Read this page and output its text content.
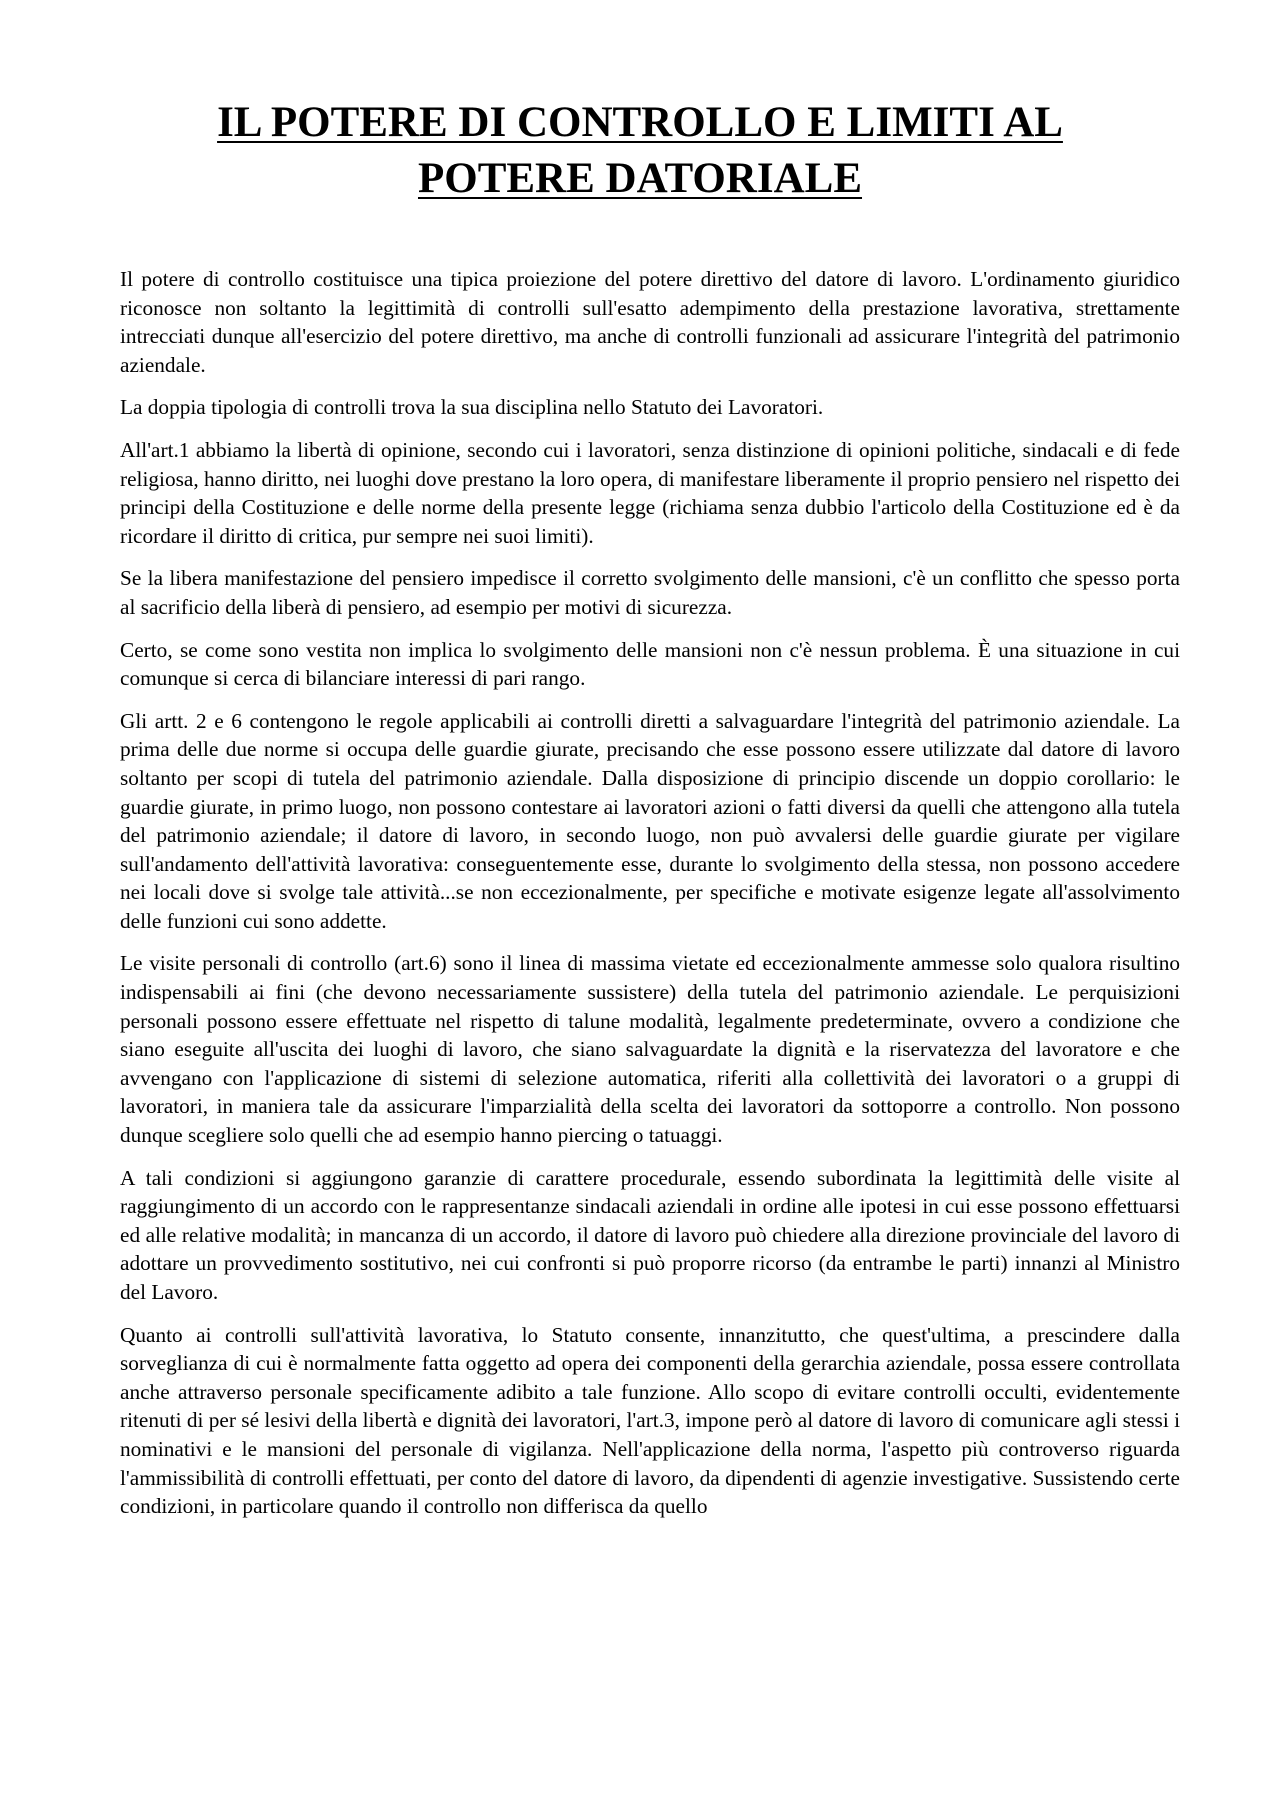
IL POTERE DI CONTROLLO E LIMITI AL
POTERE DATORIALE

Il potere di controllo costituisce una tipica proiezione del potere direttivo del datore di lavoro. L'ordinamento giuridico riconosce non soltanto la legittimità di controlli sull'esatto adempimento della prestazione lavorativa, strettamente intrecciati dunque all'esercizio del potere direttivo, ma anche di controlli funzionali ad assicurare l'integrità del patrimonio aziendale.

La doppia tipologia di controlli trova la sua disciplina nello Statuto dei Lavoratori.

All'art.1 abbiamo la libertà di opinione, secondo cui i lavoratori, senza distinzione di opinioni politiche, sindacali e di fede religiosa, hanno diritto, nei luoghi dove prestano la loro opera, di manifestare liberamente il proprio pensiero nel rispetto dei principi della Costituzione e delle norme della presente legge (richiama senza dubbio l'articolo della Costituzione ed è da ricordare il diritto di critica, pur sempre nei suoi limiti).

Se la libera manifestazione del pensiero impedisce il corretto svolgimento delle mansioni, c'è un conflitto che spesso porta al sacrificio della liberà di pensiero, ad esempio per motivi di sicurezza.

Certo, se come sono vestita non implica lo svolgimento delle mansioni non c'è nessun problema. È una situazione in cui comunque si cerca di bilanciare interessi di pari rango.

Gli artt. 2 e 6 contengono le regole applicabili ai controlli diretti a salvaguardare l'integrità del patrimonio aziendale. La prima delle due norme si occupa delle guardie giurate, precisando che esse possono essere utilizzate dal datore di lavoro soltanto per scopi di tutela del patrimonio aziendale. Dalla disposizione di principio discende un doppio corollario: le guardie giurate, in primo luogo, non possono contestare ai lavoratori azioni o fatti diversi da quelli che attengono alla tutela del patrimonio aziendale; il datore di lavoro, in secondo luogo, non può avvalersi delle guardie giurate per vigilare sull'andamento dell'attività lavorativa: conseguentemente esse, durante lo svolgimento della stessa, non possono accedere nei locali dove si svolge tale attività...se non eccezionalmente, per specifiche e motivate esigenze legate all'assolvimento delle funzioni cui sono addette.

Le visite personali di controllo (art.6) sono il linea di massima vietate ed eccezionalmente ammesse solo qualora risultino indispensabili ai fini (che devono necessariamente sussistere) della tutela del patrimonio aziendale. Le perquisizioni personali possono essere effettuate nel rispetto di talune modalità, legalmente predeterminate, ovvero a condizione che siano eseguite all'uscita dei luoghi di lavoro, che siano salvaguardate la dignità e la riservatezza del lavoratore e che avvengano con l'applicazione di sistemi di selezione automatica, riferiti alla collettività dei lavoratori o a gruppi di lavoratori, in maniera tale da assicurare l'imparzialità della scelta dei lavoratori da sottoporre a controllo. Non possono dunque scegliere solo quelli che ad esempio hanno piercing o tatuaggi.

A tali condizioni si aggiungono garanzie di carattere procedurale, essendo subordinata la legittimità delle visite al raggiungimento di un accordo con le rappresentanze sindacali aziendali in ordine alle ipotesi in cui esse possono effettuarsi ed alle relative modalità; in mancanza di un accordo, il datore di lavoro può chiedere alla direzione provinciale del lavoro di adottare un provvedimento sostitutivo, nei cui confronti si può proporre ricorso (da entrambe le parti) innanzi al Ministro del Lavoro.

Quanto ai controlli sull'attività lavorativa, lo Statuto consente, innanzitutto, che quest'ultima, a prescindere dalla sorveglianza di cui è normalmente fatta oggetto ad opera dei componenti della gerarchia aziendale, possa essere controllata anche attraverso personale specificamente adibito a tale funzione. Allo scopo di evitare controlli occulti, evidentemente ritenuti di per sé lesivi della libertà e dignità dei lavoratori, l'art.3, impone però al datore di lavoro di comunicare agli stessi i nominativi e le mansioni del personale di vigilanza. Nell'applicazione della norma, l'aspetto più controverso riguarda l'ammissibilità di controlli effettuati, per conto del datore di lavoro, da dipendenti di agenzie investigative. Sussistendo certe condizioni, in particolare quando il controllo non differisca da quello
